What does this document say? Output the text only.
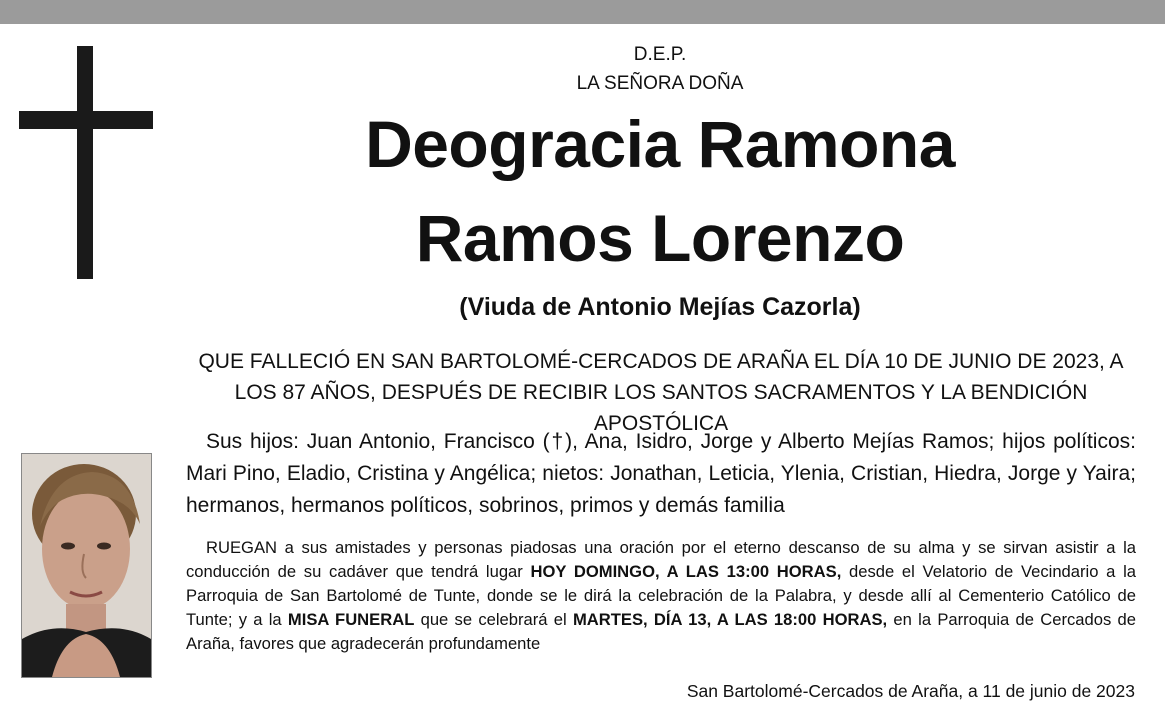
D.E.P.
LA SEÑORA DOÑA
Deogracia Ramona
Ramos Lorenzo
(Viuda de Antonio Mejías Cazorla)
QUE FALLECIÓ EN SAN BARTOLOMÉ-CERCADOS DE ARAÑA EL DÍA 10 DE JUNIO DE 2023, A LOS 87 AÑOS, DESPUÉS DE RECIBIR LOS SANTOS SACRAMENTOS Y LA BENDICIÓN APOSTÓLICA
Sus hijos: Juan Antonio, Francisco (†), Ana, Isidro, Jorge y Alberto Mejías Ramos; hijos políticos: Mari Pino, Eladio, Cristina y Angélica; nietos: Jonathan, Leticia, Ylenia, Cristian, Hiedra, Jorge y Yaira; hermanos, hermanos políticos, sobrinos, primos y demás familia
RUEGAN a sus amistades y personas piadosas una oración por el eterno descanso de su alma y se sirvan asistir a la conducción de su cadáver que tendrá lugar HOY DOMINGO, A LAS 13:00 HORAS, desde el Velatorio de Vecindario a la Parroquia de San Bartolomé de Tunte, donde se le dirá la celebración de la Palabra, y desde allí al Cementerio Católico de Tunte; y a la MISA FUNERAL que se celebrará el MARTES, DÍA 13, A LAS 18:00 HORAS, en la Parroquia de Cercados de Araña, favores que agradecerán profundamente
San Bartolomé-Cercados de Araña, a 11 de junio de 2023
